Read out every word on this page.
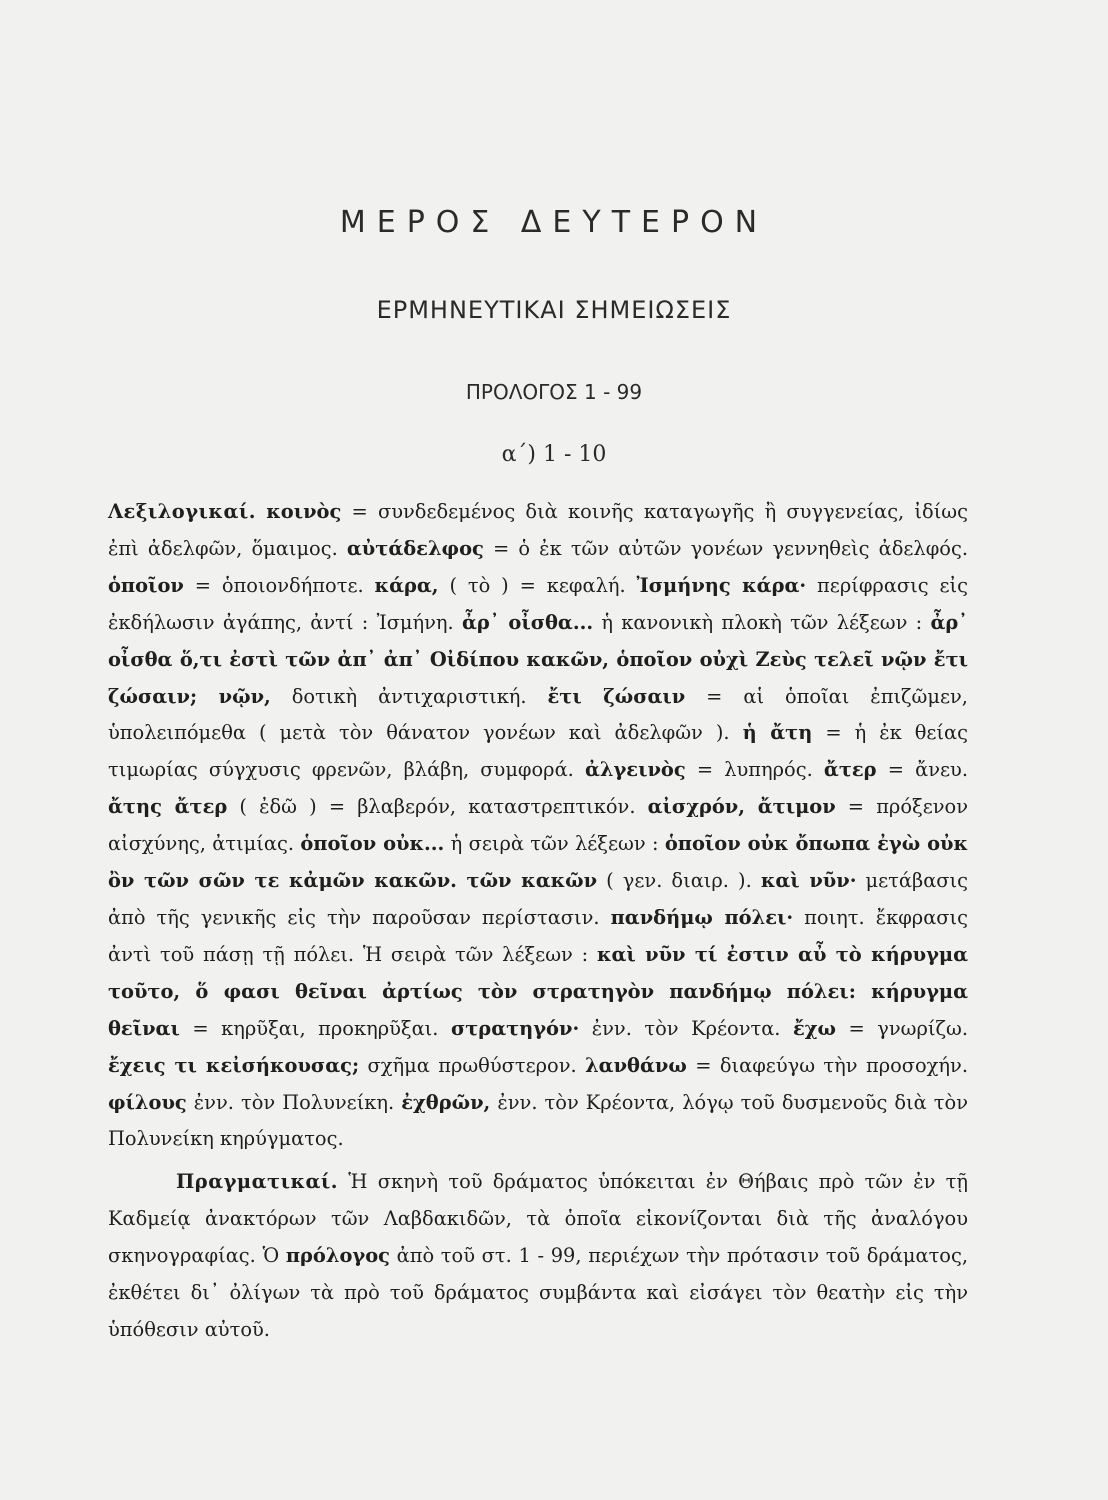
ΜΕΡΟΣ ΔΕΥΤΕΡΟΝ
ΕΡΜΗΝΕΥΤΙΚΑΙ ΣΗΜΕΙΩΣΕΙΣ
ΠΡΟΛΟΓΟΣ 1 - 99
α΄) 1 - 10

Λεξιλογικαί. κοινὸς = συνδεδεμένος διὰ κοινῆς καταγωγῆς ἢ συγγενείας, ἰδίως ἐπὶ ἀδελφῶν, ὅμαιμος. αὐτάδελφος = ὁ ἐκ τῶν αὐτῶν γονέων γεννηθεὶς ἀδελφός. ὁποῖον = ὁποιονδήποτε. κάρα, ( τὸ ) = κεφαλή. Ἰσμήνης κάρα· περίφρασις εἰς ἐκδήλωσιν ἀγάπης, ἀντί : Ἰσμήνη. ἆρ᾿ οἶσθα... ἡ κανονικὴ πλοκὴ τῶν λέξεων : ἆρ᾿ οἶσθα ὅ,τι ἐστὶ τῶν ἀπ᾿ ἀπ᾿ Οἰδίπου κακῶν, ὁποῖον οὐχὶ Ζεὺς τελεῖ νῷν ἔτι ζώσαιν; νῷν, δοτικὴ ἀντιχαριστική. ἔτι ζώσαιν = αἱ ὁποῖαι ἐπιζῶμεν, ὑπολειπόμεθα ( μετὰ τὸν θάνατον γονέων καὶ ἀδελφῶν ). ἡ ἄτη = ἡ ἐκ θείας τιμωρίας σύγχυσις φρενῶν, βλάβη, συμφορά. ἀλγεινὸς = λυπηρός. ἄτερ = ἄνευ. ἄτης ἄτερ ( ἐδῶ ) = βλαβερόν, καταστρεπτικόν. αἰσχρόν, ἄτιμον = πρόξενον αἰσχύνης, ἀτιμίας. ὁποῖον οὐκ... ἡ σειρὰ τῶν λέξεων : ὁποῖον οὐκ ὄπωπα ἐγὼ οὐκ ὂν τῶν σῶν τε κἀμῶν κακῶν. τῶν κακῶν ( γεν. διαιρ. ). καὶ νῦν· μετάβασις ἀπὸ τῆς γενικῆς εἰς τὴν παροῦσαν περίστασιν. πανδήμῳ πόλει· ποιητ. ἔκφρασις ἀντὶ τοῦ πάσῃ τῇ πόλει. Ἡ σειρὰ τῶν λέξεων : καὶ νῦν τί ἐστιν αὖ τὸ κήρυγμα τοῦτο, ὅ φασι θεῖναι ἀρτίως τὸν στρατηγὸν πανδήμῳ πόλει: κήρυγμα θεῖναι = κηρῦξαι, προκηρῦξαι. στρατηγόν· ἐνν. τὸν Κρέοντα. ἔχω = γνωρίζω. ἔχεις τι κεἰσήκουσας; σχῆμα πρωθύστερον. λανθάνω = διαφεύγω τὴν προσοχήν. φίλους ἐνν. τὸν Πολυνείκη. ἐχθρῶν, ἐνν. τὸν Κρέοντα, λόγῳ τοῦ δυσμενοῦς διὰ τὸν Πολυνείκη κηρύγματος.

Πραγματικαί. Ἡ σκηνὴ τοῦ δράματος ὑπόκειται ἐν Θήβαις πρὸ τῶν ἐν τῇ Καδμείᾳ ἀνακτόρων τῶν Λαβδακιδῶν, τὰ ὁποῖα εἰκονίζονται διὰ τῆς ἀναλόγου σκηνογραφίας. Ὁ πρόλογος ἀπὸ τοῦ στ. 1 - 99, περιέχων τὴν πρότασιν τοῦ δράματος, ἐκθέτει δι᾿ ὀλίγων τὰ πρὸ τοῦ δράματος συμβάντα καὶ εἰσάγει τὸν θεατὴν εἰς τὴν ὑπόθεσιν αὐτοῦ.
